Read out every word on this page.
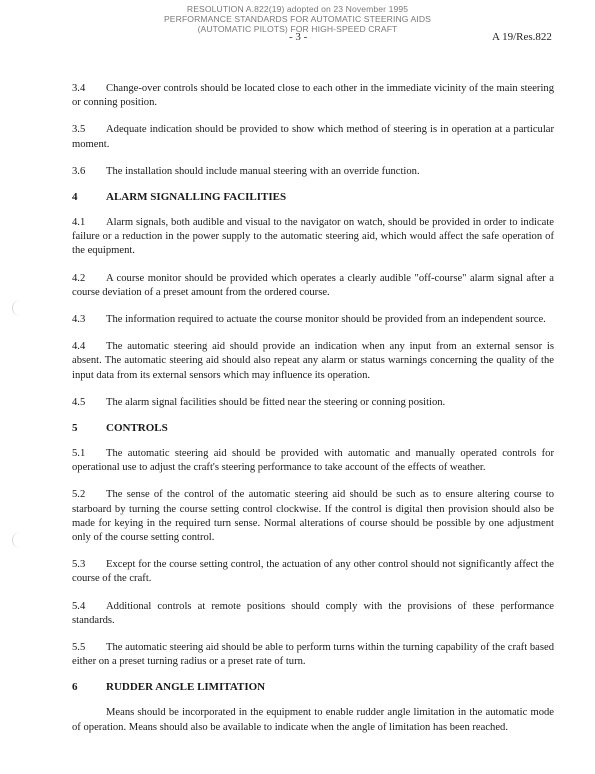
RESOLUTION A.822(19) adopted on 23 November 1995
PERFORMANCE STANDARDS FOR AUTOMATIC STEERING AIDS
(AUTOMATIC PILOTS) FOR HIGH-SPEED CRAFT
- 3 -	A 19/Res.822

3.4 Change-over controls should be located close to each other in the immediate vicinity of the main steering or conning position.

3.5 Adequate indication should be provided to show which method of steering is in operation at a particular moment.

3.6 The installation should include manual steering with an override function.

4	ALARM SIGNALLING FACILITIES

4.1 Alarm signals, both audible and visual to the navigator on watch, should be provided in order to indicate failure or a reduction in the power supply to the automatic steering aid, which would affect the safe operation of the equipment.

4.2 A course monitor should be provided which operates a clearly audible "off-course" alarm signal after a course deviation of a preset amount from the ordered course.

4.3 The information required to actuate the course monitor should be provided from an independent source.

4.4 The automatic steering aid should provide an indication when any input from an external sensor is absent. The automatic steering aid should also repeat any alarm or status warnings concerning the quality of the input data from its external sensors which may influence its operation.

4.5 The alarm signal facilities should be fitted near the steering or conning position.

5	CONTROLS

5.1 The automatic steering aid should be provided with automatic and manually operated controls for operational use to adjust the craft's steering performance to take account of the effects of weather.

5.2 The sense of the control of the automatic steering aid should be such as to ensure altering course to starboard by turning the course setting control clockwise. If the control is digital then provision should also be made for keying in the required turn sense. Normal alterations of course should be possible by one adjustment only of the course setting control.

5.3 Except for the course setting control, the actuation of any other control should not significantly affect the course of the craft.

5.4 Additional controls at remote positions should comply with the provisions of these performance standards.

5.5 The automatic steering aid should be able to perform turns within the turning capability of the craft based either on a preset turning radius or a preset rate of turn.

6	RUDDER ANGLE LIMITATION

Means should be incorporated in the equipment to enable rudder angle limitation in the automatic mode of operation. Means should also be available to indicate when the angle of limitation has been reached.
